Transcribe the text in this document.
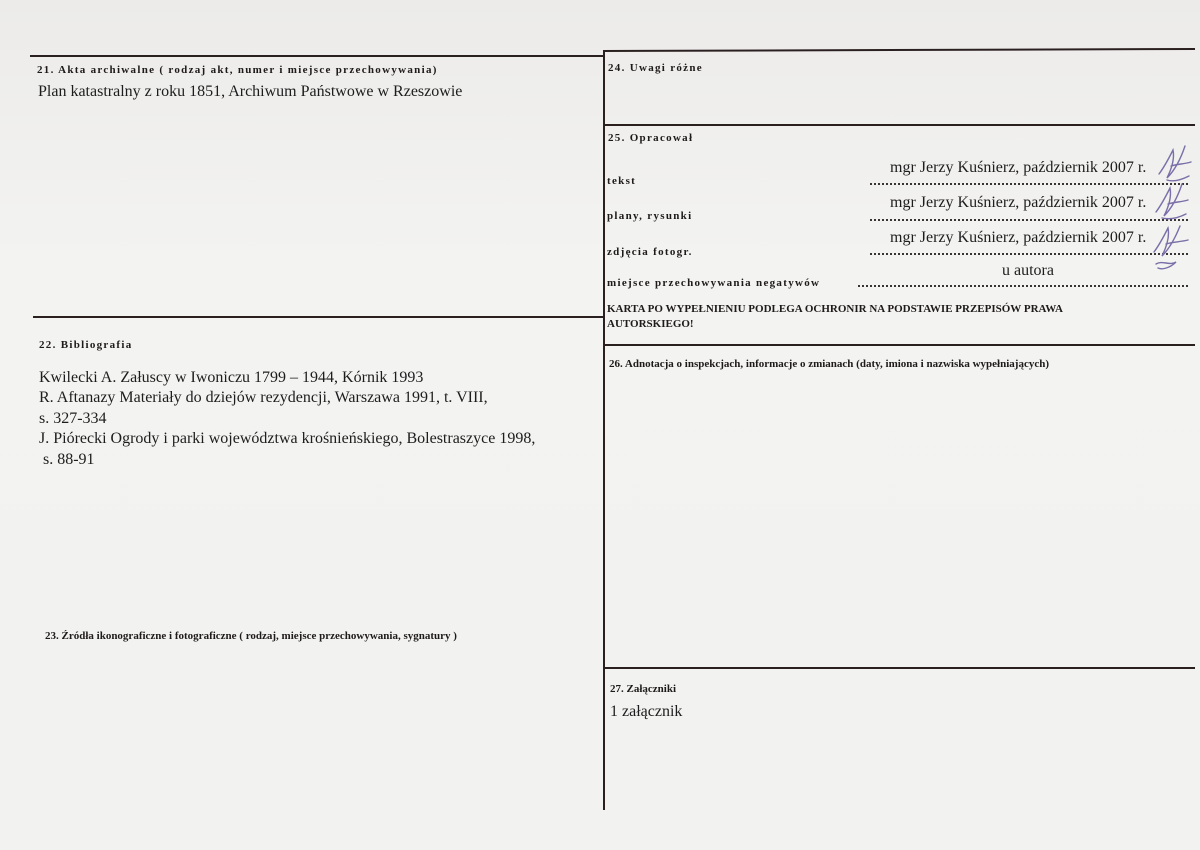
21. Akta archiwalne ( rodzaj akt, numer i miejsce przechowywania)
Plan katastralny z roku 1851, Archiwum Państwowe w Rzeszowie
22. Bibliografia
Kwilecki A. Załuscy w Iwoniczu 1799 – 1944, Kórnik 1993
R. Aftanazy Materiały do dziejów rezydencji, Warszawa 1991, t. VIII,
s. 327-334
J. Piórecki Ogrody i parki województwa krośnieńskiego, Bolestraszyce 1998,
s. 88-91
23. Źródła ikonograficzne i fotograficzne ( rodzaj, miejsce przechowywania, sygnatury )
24. Uwagi różne
25. Opracował
tekst
mgr Jerzy Kuśnierz, październik 2007 r.
plany, rysunki
mgr Jerzy Kuśnierz, październik 2007 r.
zdjęcia fotogr.
mgr Jerzy Kuśnierz, październik 2007 r.
miejsce przechowywania negatywów
u autora
KARTA PO WYPEŁNIENIU PODLEGA OCHRONIR NA PODSTAWIE PRZEPISÓW PRAWA AUTORSKIEGO!
26. Adnotacja o inspekcjach, informacje o zmianach (daty, imiona i nazwiska wypełniających)
27. Załączniki
1 załącznik
